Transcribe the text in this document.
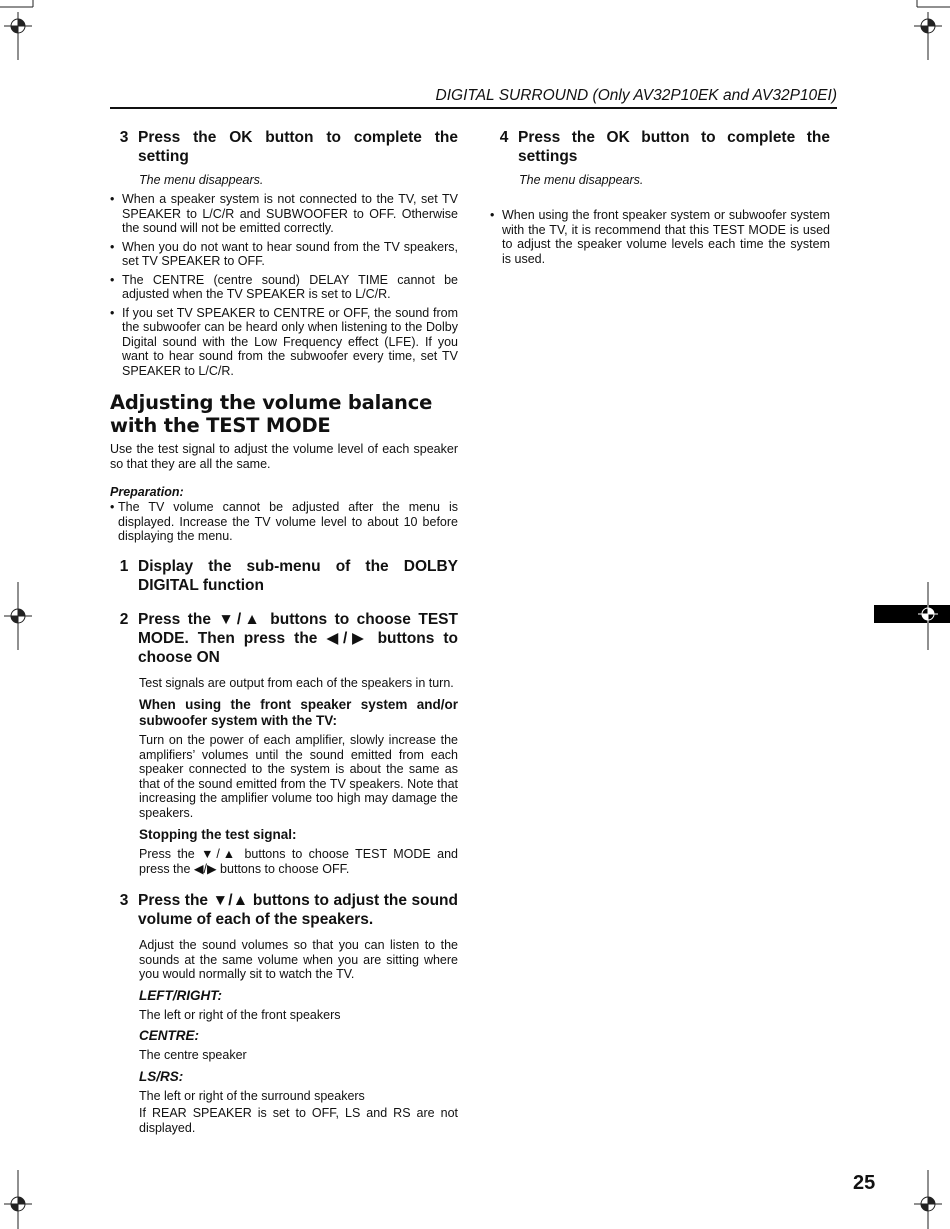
DIGITAL SURROUND (Only AV32P10EK and AV32P10EI)
3 Press the OK button to complete the setting
The menu disappears.
• When a speaker system is not connected to the TV, set TV SPEAKER to L/C/R and SUBWOOFER to OFF. Otherwise the sound will not be emitted correctly.
• When you do not want to hear sound from the TV speakers, set TV SPEAKER to OFF.
• The CENTRE (centre sound) DELAY TIME cannot be adjusted when the TV SPEAKER is set to L/C/R.
• If you set TV SPEAKER to CENTRE or OFF, the sound from the subwoofer can be heard only when listening to the Dolby Digital sound with the Low Frequency effect (LFE). If you want to hear sound from the subwoofer every time, set TV SPEAKER to L/C/R.
Adjusting the volume balance with the TEST MODE
Use the test signal to adjust the volume level of each speaker so that they are all the same.
Preparation:
• The TV volume cannot be adjusted after the menu is displayed. Increase the TV volume level to about 10 before displaying the menu.
1 Display the sub-menu of the DOLBY DIGITAL function
2 Press the ▼/▲ buttons to choose TEST MODE. Then press the ◀/▶ buttons to choose ON
Test signals are output from each of the speakers in turn.
When using the front speaker system and/or subwoofer system with the TV:
Turn on the power of each amplifier, slowly increase the amplifiers’ volumes until the sound emitted from each speaker connected to the system is about the same as that of the sound emitted from the TV speakers. Note that increasing the amplifier volume too high may damage the speakers.
Stopping the test signal:
Press the ▼/▲ buttons to choose TEST MODE and press the ◀/▶ buttons to choose OFF.
3 Press the ▼/▲ buttons to adjust the sound volume of each of the speakers.
Adjust the sound volumes so that you can listen to the sounds at the same volume when you are sitting where you would normally sit to watch the TV.
LEFT/RIGHT:
The left or right of the front speakers
CENTRE:
The centre speaker
LS/RS:
The left or right of the surround speakers
If REAR SPEAKER is set to OFF, LS and RS are not displayed.
4 Press the OK button to complete the settings
The menu disappears.
• When using the front speaker system or subwoofer system with the TV, it is recommend that this TEST MODE is used to adjust the speaker volume levels each time the system is used.
25
